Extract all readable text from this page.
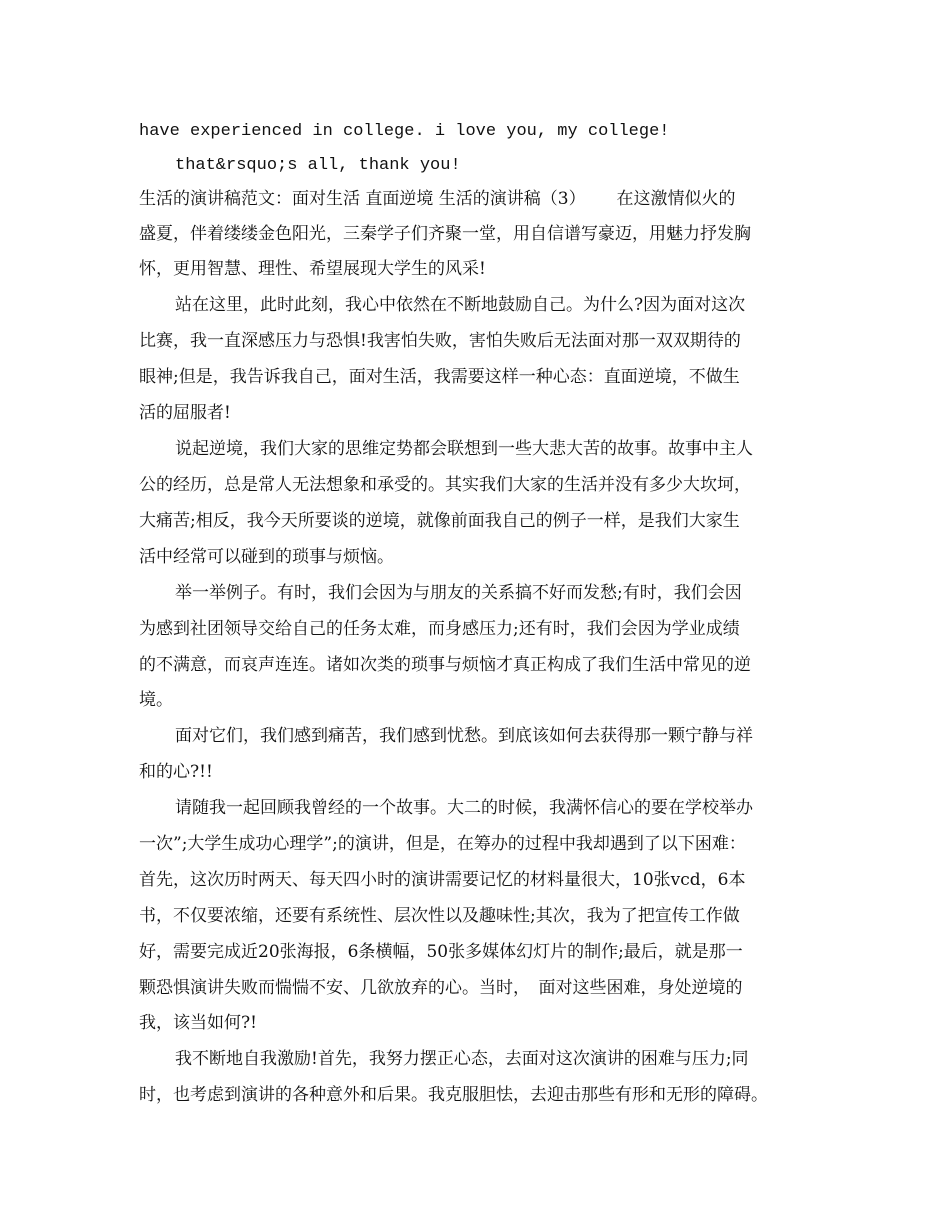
have experienced in college. i love you, my college!
that&rsquo;s all, thank you!
生活的演讲稿范文：面对生活 直面逆境 生活的演讲稿（3）　　 在这激情似火的
盛夏，伴着缕缕金色阳光，三秦学子们齐聚一堂，用自信谱写豪迈，用魅力抒发胸
怀，更用智慧、理性、希望展现大学生的风采!
站在这里，此时此刻，我心中依然在不断地鼓励自己。为什么?因为面对这次
比赛，我一直深感压力与恐惧!我害怕失败，害怕失败后无法面对那一双双期待的
眼神;但是，我告诉我自己，面对生活，我需要这样一种心态：直面逆境，不做生
活的屈服者!
说起逆境，我们大家的思维定势都会联想到一些大悲大苦的故事。故事中主人
公的经历，总是常人无法想象和承受的。其实我们大家的生活并没有多少大坎坷，
大痛苦;相反，我今天所要谈的逆境，就像前面我自己的例子一样，是我们大家生
活中经常可以碰到的琐事与烦恼。
举一举例子。有时，我们会因为与朋友的关系搞不好而发愁;有时，我们会因
为感到社团领导交给自己的任务太难，而身感压力;还有时，我们会因为学业成绩
的不满意，而哀声连连。诸如次类的琐事与烦恼才真正构成了我们生活中常见的逆
境。
面对它们，我们感到痛苦，我们感到忧愁。到底该如何去获得那一颗宁静与祥
和的心?!!
请随我一起回顾我曾经的一个故事。大二的时候，我满怀信心的要在学校举办
一次”;大学生成功心理学”;的演讲，但是，在筹办的过程中我却遇到了以下困难：
首先，这次历时两天、每天四小时的演讲需要记忆的材料量很大，10张vcd，6本
书，不仅要浓缩，还要有系统性、层次性以及趣味性;其次，我为了把宣传工作做
好，需要完成近20张海报，6条横幅，50张多媒体幻灯片的制作;最后，就是那一
颗恐惧演讲失败而惴惴不安、几欲放弃的心。当时，　面对这些困难，身处逆境的
我，该当如何?!
我不断地自我激励!首先，我努力摆正心态，去面对这次演讲的困难与压力;同
时，也考虑到演讲的各种意外和后果。我克服胆怯，去迎击那些有形和无形的障碍。
